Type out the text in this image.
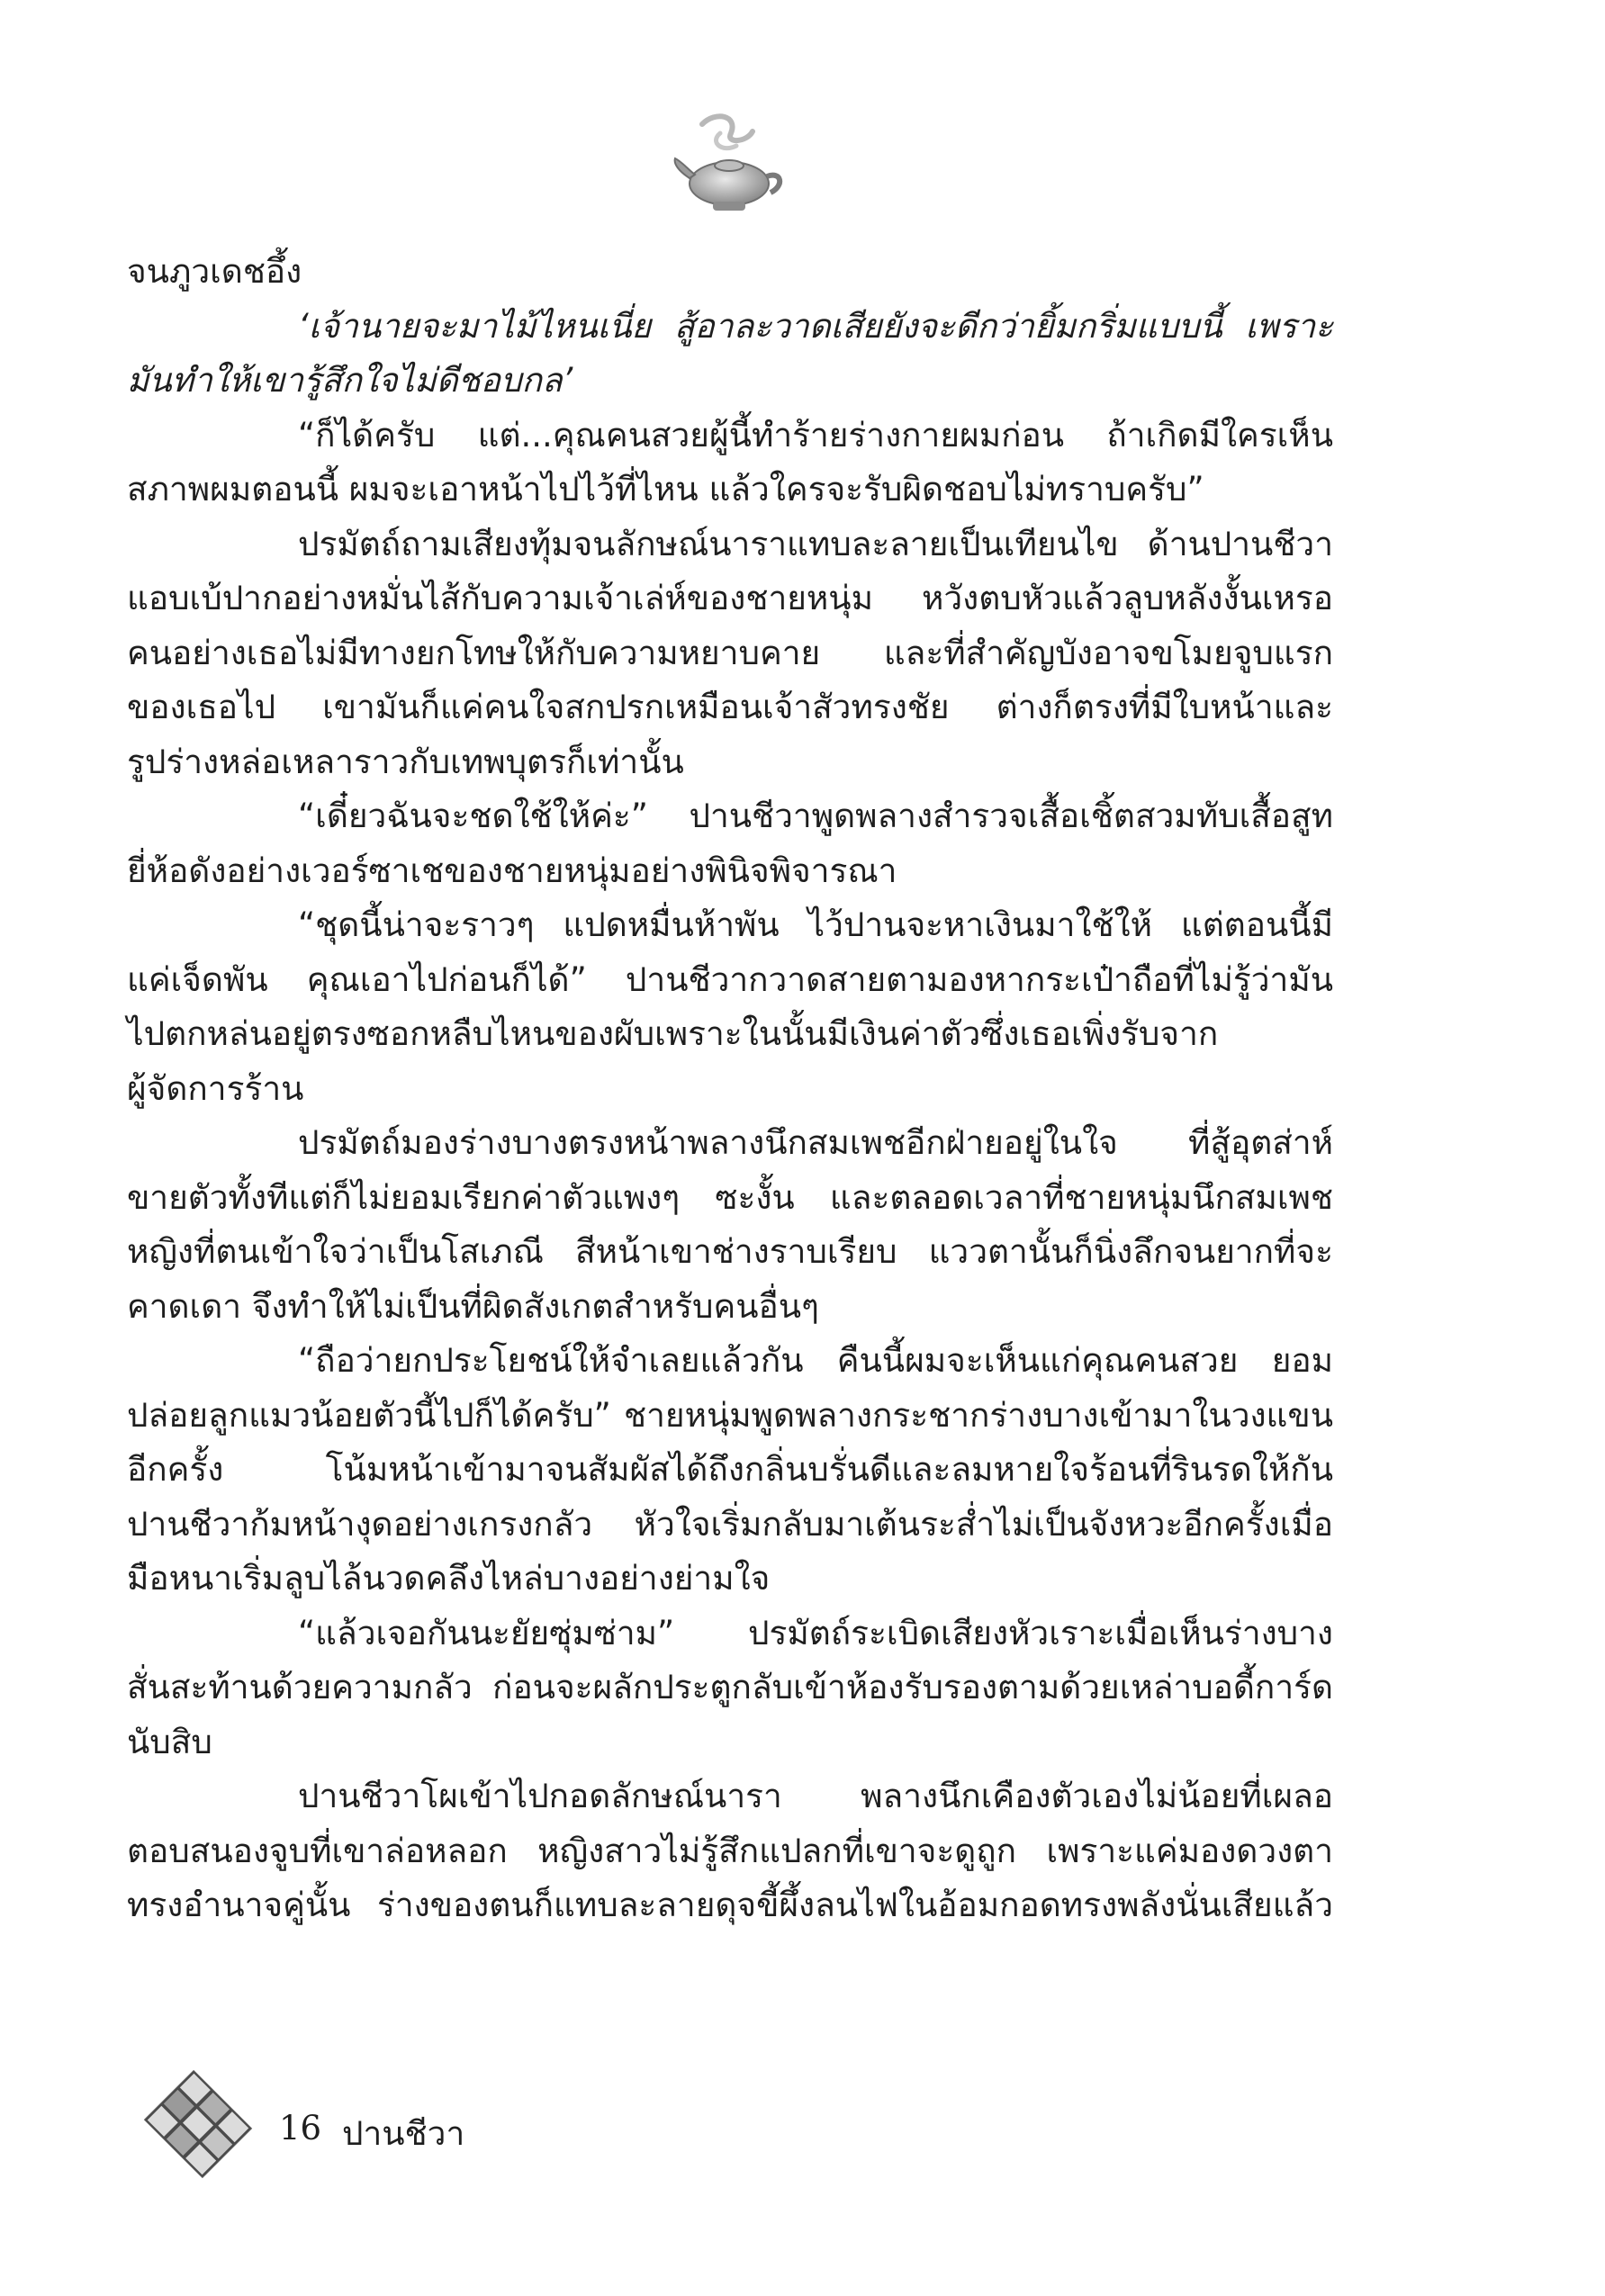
จนภูวเดชอึ้ง
‘เจ้านายจะมาไม้ไหนเนี่ย สู้อาละวาดเสียยังจะดีกว่ายิ้มกริ่มแบบนี้ เพราะ
มันทำให้เขารู้สึกใจไม่ดีชอบกล’
“ก็ได้ครับ แต่...คุณคนสวยผู้นี้ทำร้ายร่างกายผมก่อน ถ้าเกิดมีใครเห็น
สภาพผมตอนนี้ ผมจะเอาหน้าไปไว้ที่ไหน แล้วใครจะรับผิดชอบไม่ทราบครับ”
ปรมัตถ์ถามเสียงทุ้มจนลักษณ์นาราแทบละลายเป็นเทียนไข ด้านปานชีวา
แอบเบ้ปากอย่างหมั่นไส้กับความเจ้าเล่ห์ของชายหนุ่ม หวังตบหัวแล้วลูบหลังงั้นเหรอ
คนอย่างเธอไม่มีทางยกโทษให้กับความหยาบคาย และที่สำคัญบังอาจขโมยจูบแรก
ของเธอไป เขามันก็แค่คนใจสกปรกเหมือนเจ้าสัวทรงชัย ต่างก็ตรงที่มีใบหน้าและ
รูปร่างหล่อเหลาราวกับเทพบุตรก็เท่านั้น
“เดี๋ยวฉันจะชดใช้ให้ค่ะ” ปานชีวาพูดพลางสำรวจเสื้อเชิ้ตสวมทับเสื้อสูท
ยี่ห้อดังอย่างเวอร์ซาเชของชายหนุ่มอย่างพินิจพิจารณา
“ชุดนี้น่าจะราวๆ แปดหมื่นห้าพัน ไว้ปานจะหาเงินมาใช้ให้ แต่ตอนนี้มี
แค่เจ็ดพัน คุณเอาไปก่อนก็ได้” ปานชีวากวาดสายตามองหากระเป๋าถือที่ไม่รู้ว่ามัน
ไปตกหล่นอยู่ตรงซอกหลืบไหนของผับเพราะในนั้นมีเงินค่าตัวซึ่งเธอเพิ่งรับจาก
ผู้จัดการร้าน
ปรมัตถ์มองร่างบางตรงหน้าพลางนึกสมเพชอีกฝ่ายอยู่ในใจ ที่สู้อุตส่าห์
ขายตัวทั้งทีแต่ก็ไม่ยอมเรียกค่าตัวแพงๆ ซะงั้น และตลอดเวลาที่ชายหนุ่มนึกสมเพช
หญิงที่ตนเข้าใจว่าเป็นโสเภณี สีหน้าเขาช่างราบเรียบ แววตานั้นก็นิ่งลึกจนยากที่จะ
คาดเดา จึงทำให้ไม่เป็นที่ผิดสังเกตสำหรับคนอื่นๆ
“ถือว่ายกประโยชน์ให้จำเลยแล้วกัน คืนนี้ผมจะเห็นแก่คุณคนสวย ยอม
ปล่อยลูกแมวน้อยตัวนี้ไปก็ได้ครับ” ชายหนุ่มพูดพลางกระชากร่างบางเข้ามาในวงแขน
อีกครั้ง โน้มหน้าเข้ามาจนสัมผัสได้ถึงกลิ่นบรั่นดีและลมหายใจร้อนที่รินรดให้กัน
ปานชีวาก้มหน้างุดอย่างเกรงกลัว หัวใจเริ่มกลับมาเต้นระส่ำไม่เป็นจังหวะอีกครั้งเมื่อ
มือหนาเริ่มลูบไล้นวดคลึงไหล่บางอย่างย่ามใจ
“แล้วเจอกันนะยัยซุ่มซ่าม” ปรมัตถ์ระเบิดเสียงหัวเราะเมื่อเห็นร่างบาง
สั่นสะท้านด้วยความกลัว ก่อนจะผลักประตูกลับเข้าห้องรับรองตามด้วยเหล่าบอดี้การ์ด
นับสิบ
ปานชีวาโผเข้าไปกอดลักษณ์นารา พลางนึกเคืองตัวเองไม่น้อยที่เผลอ
ตอบสนองจูบที่เขาล่อหลอก หญิงสาวไม่รู้สึกแปลกที่เขาจะดูถูก เพราะแค่มองดวงตา
ทรงอำนาจคู่นั้น ร่างของตนก็แทบละลายดุจขี้ผึ้งลนไฟในอ้อมกอดทรงพลังนั่นเสียแล้ว
16 ปานชีวา
